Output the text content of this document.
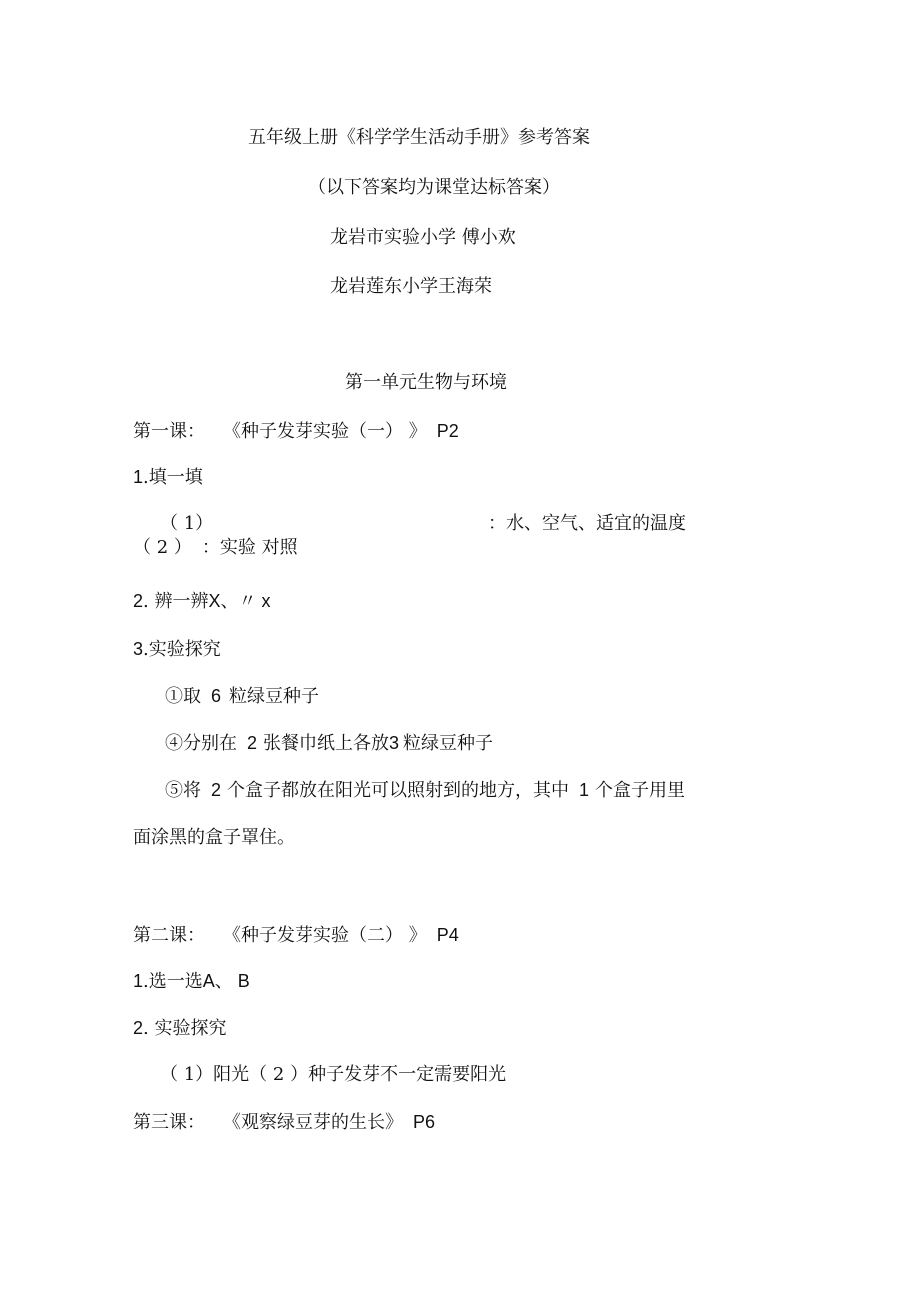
五年级上册《科学学生活动手册》参考答案
（以下答案均为课堂达标答案）
龙岩市实验小学 傅小欢
龙岩莲东小学王海荣
第一单元生物与环境
第一课： 《种子发芽实验（一） 》 P2
1.填一填
（ 1）	：水、空气、适宜的温度
（ 2 ） ：实验 对照
2. 辨一辨X、〃 x
3.实验探究
①取 6 粒绿豆种子
④分别在 2 张餐巾纸上各放3 粒绿豆种子
⑤将 2 个盒子都放在阳光可以照射到的地方，其中 1 个盒子用里
面涂黑的盒子罩住。
第二课： 《种子发芽实验（二） 》 P4
1.选一选A、 B
2. 实验探究
（ 1）阳光（ 2 ）种子发芽不一定需要阳光
第三课： 《观察绿豆芽的生长》 P6
